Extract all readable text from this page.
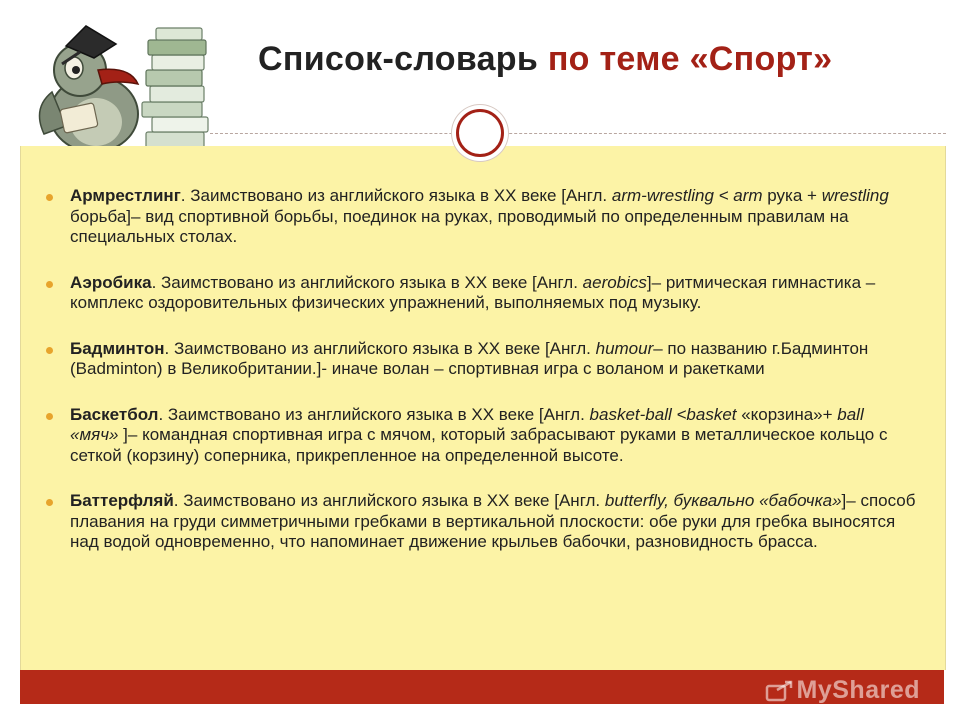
Список-словарь по теме «Спорт»
Армрестлинг. Заимствовано из английского языка в XX веке [Англ. arm-wrestling < arm рука + wrestling борьба]– вид спортивной борьбы, поединок на руках, проводимый по определенным правилам на специальных столах.
Аэробика. Заимствовано из английского языка в XX веке [Англ. aerobics]– ритмическая гимнастика – комплекс оздоровительных физических упражнений, выполняемых под музыку.
Бадминтон. Заимствовано из английского языка в XX веке [Англ. humour– по названию г.Бадминтон (Badminton) в Великобритании.]- иначе волан – спортивная игра с воланом и ракетками
Баскетбол. Заимствовано из английского языка в XX веке [Англ. basket-ball <basket «корзина»+ ball «мяч» ]– командная спортивная игра с мячом, который забрасывают руками в металлическое кольцо с сеткой (корзину) соперника, прикрепленное на определенной высоте.
Баттерфляй. Заимствовано из английского языка в XX веке [Англ. butterfly, буквально «бабочка»]– способ плавания на груди симметричными гребками в вертикальной плоскости: обе руки для гребка выносятся над водой одновременно, что напоминает движение крыльев бабочки, разновидность брасса.
MyShared
